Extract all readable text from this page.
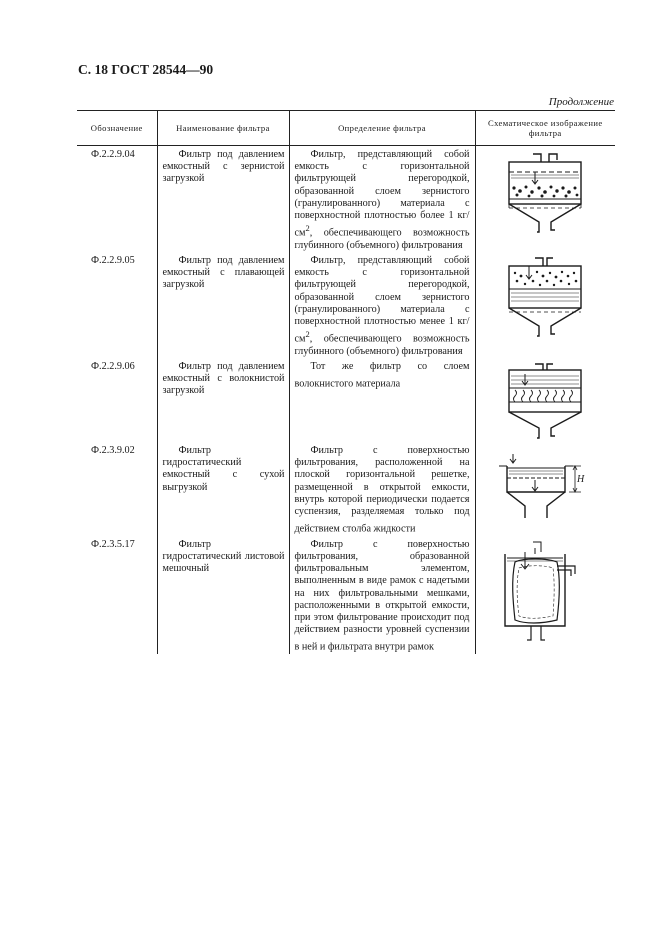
С. 18 ГОСТ 28544—90
Продолжение
Обозначение	Наименование фильтра	Определение фильтра	Схематическое изображение фильтра
Ф.2.2.9.04	Фильтр под давлением емкостный с зернистой загрузкой	Фильтр, представляющий собой емкость с горизонтальной фильтрующей перегородкой, образованной слоем зернистого (гранулированного) материала с поверхностной плотностью более 1 $кг/см^2$, обеспечивающего возможность глубинного (объемного) фильтрования

Ф.2.2.9.05	Фильтр под давлением емкостный с плавающей загрузкой	Фильтр, представляющий собой емкость с горизонтальной фильтрующей перегородкой, образованной слоем зернистого (гранулированного) материала с поверхностной плотностью менее 1 $кг/см^2$, обеспечивающего возможность глубинного (объемного) фильтрования

Ф.2.2.9.06	Фильтр под давлением емкостный с волокнистой загрузкой	Тот же фильтр со слоем волокнистого материала

Ф.2.3.9.02	Фильтр гидростатический емкостный с сухой выгрузкой	Фильтр с поверхностью фильтрования, расположенной на плоской горизонтальной решетке, размещенной в открытой емкости, внутрь которой периодически подается суспензия, разделяемая только под действием столба жидкости	H

Ф.2.3.5.17	Фильтр гидростатический листовой мешочный	Фильтр с поверхностью фильтрования, образованной фильтровальным элементом, выполненным в виде рамок с надетыми на них фильтровальными мешками, расположенными в открытой емкости, при этом фильтрование происходит под действием разности уровней суспензии в ней и фильтрата внутри рамок
